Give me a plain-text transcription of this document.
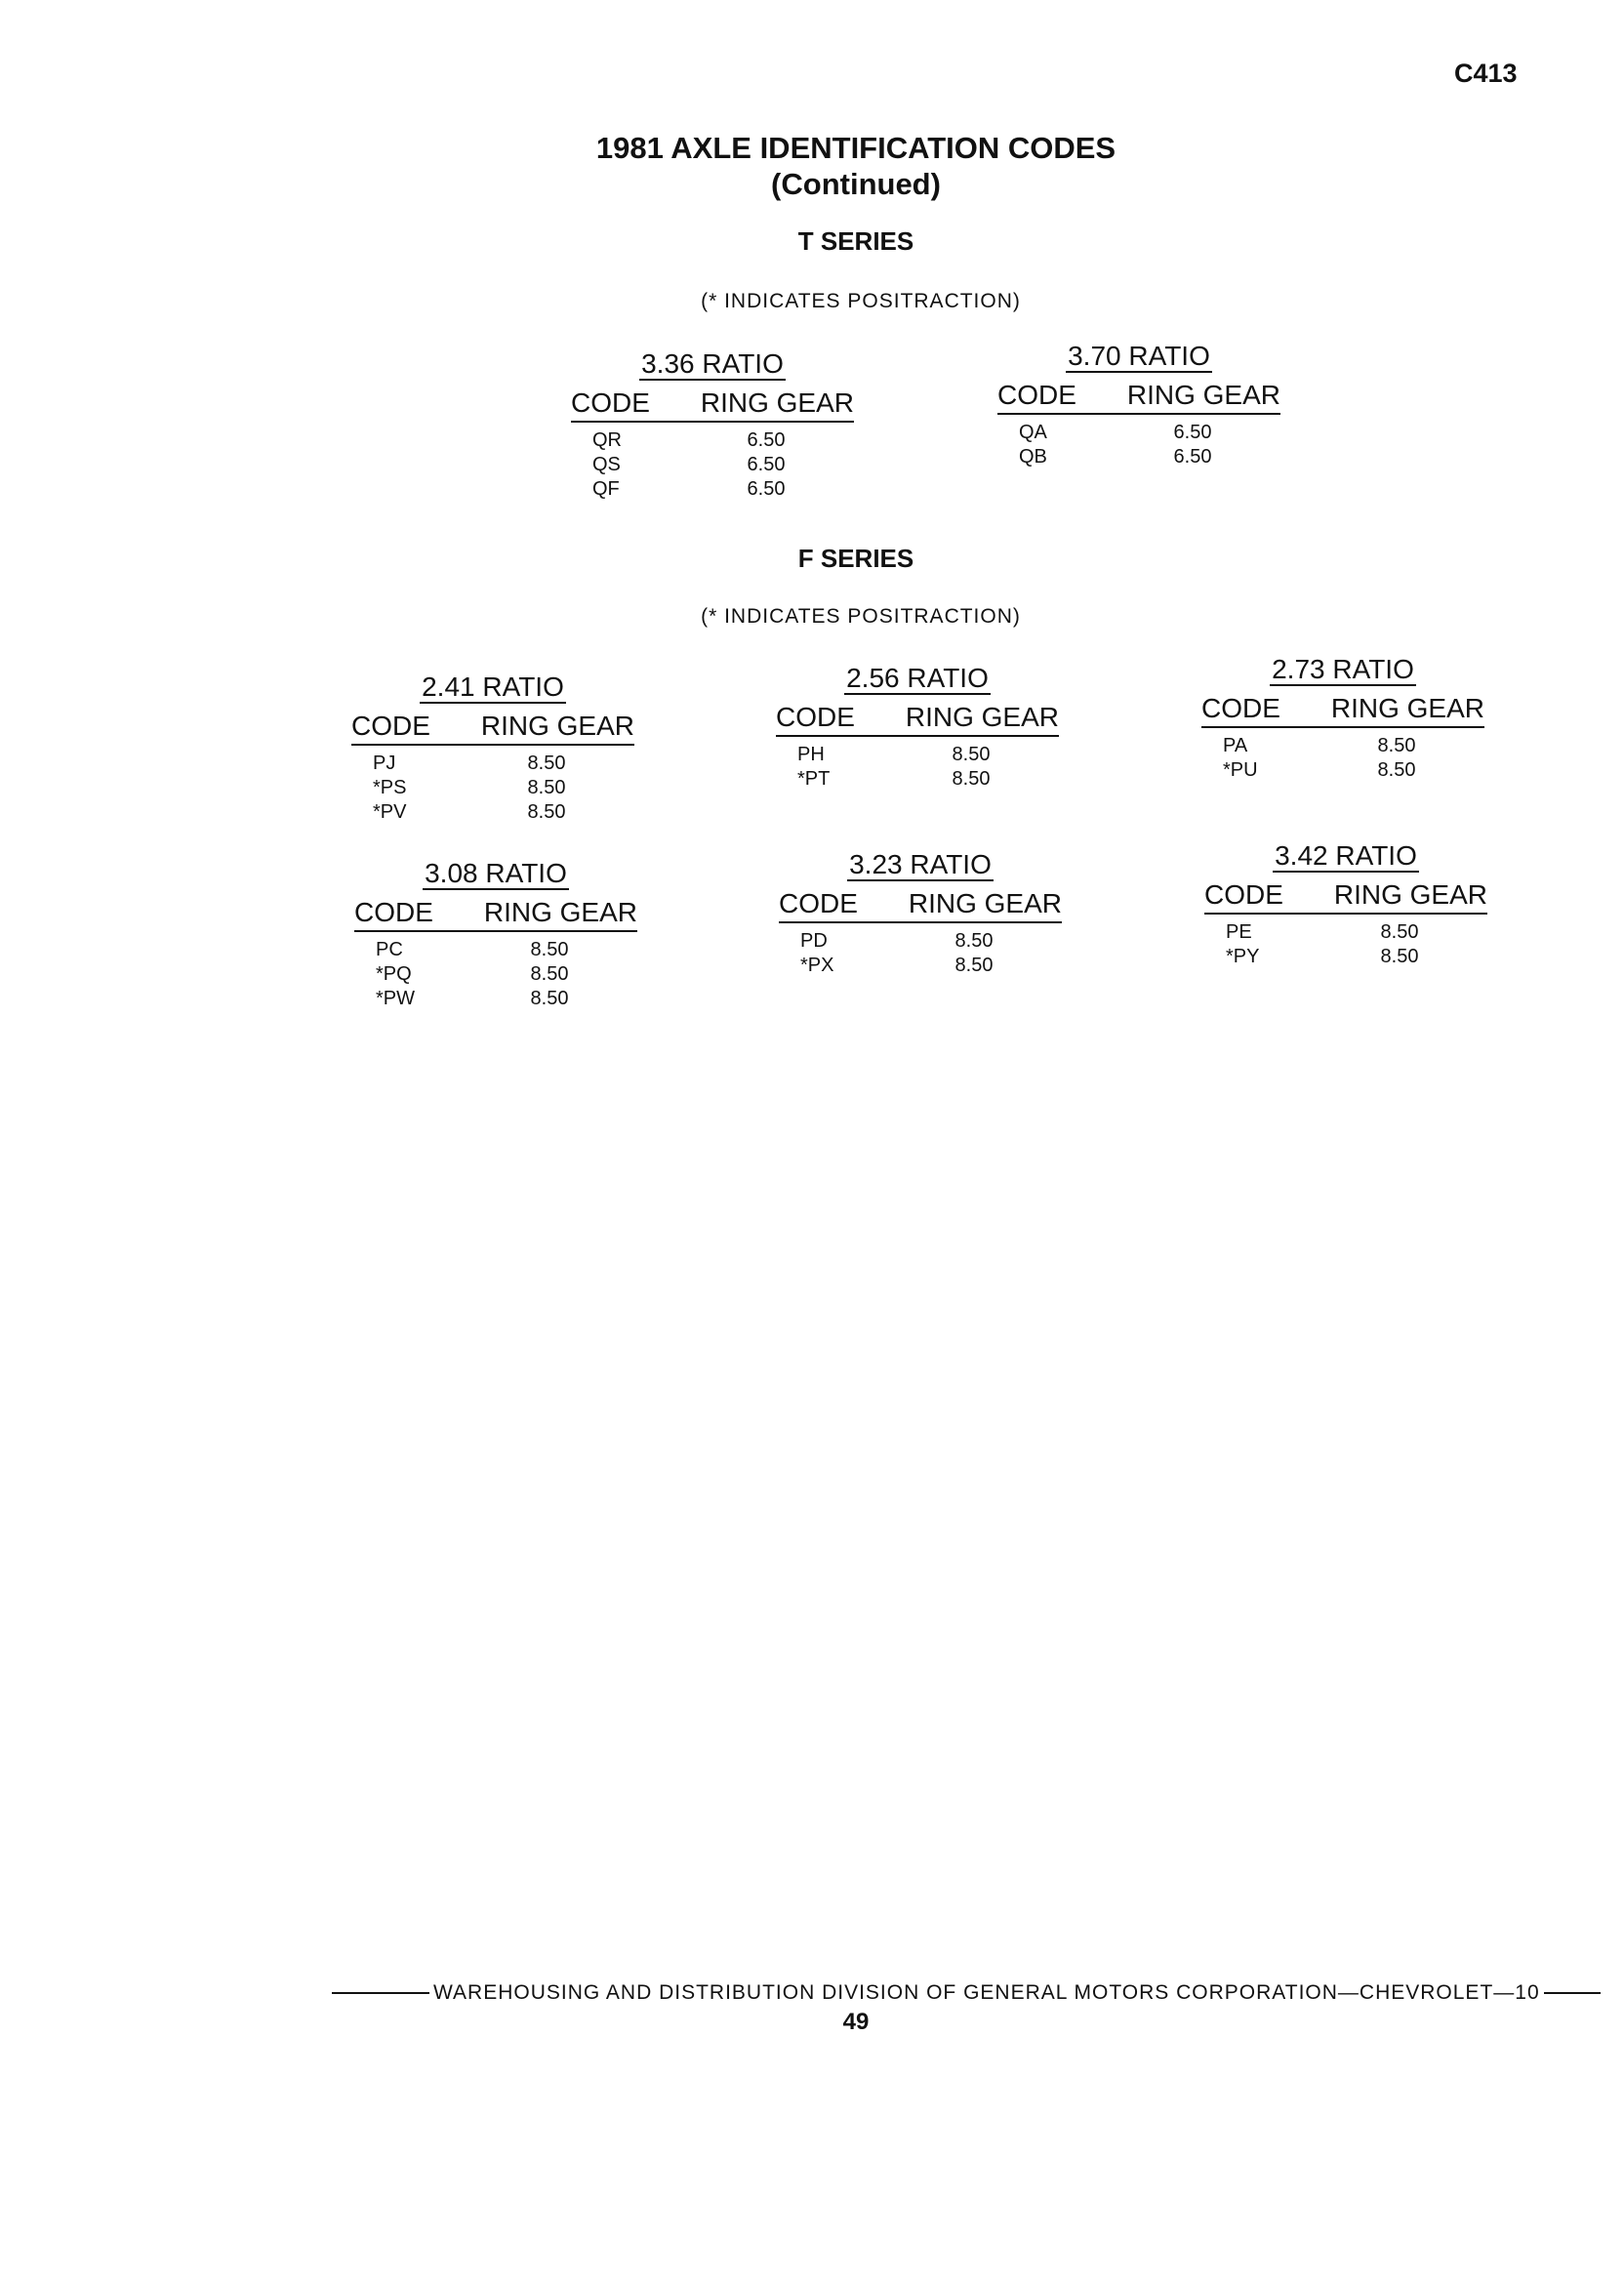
C413
1981 AXLE IDENTIFICATION CODES
(Continued)
T SERIES
(* INDICATES POSITRACTION)
3.36 RATIO
CODE	RING GEAR
QR	6.50
QS	6.50
QF	6.50
3.70 RATIO
CODE	RING GEAR
QA	6.50
QB	6.50
F SERIES
(* INDICATES POSITRACTION)
2.41 RATIO
CODE	RING GEAR
PJ	8.50
*PS	8.50
*PV	8.50
2.56 RATIO
CODE	RING GEAR
PH	8.50
*PT	8.50
2.73 RATIO
CODE	RING GEAR
PA	8.50
*PU	8.50
3.08 RATIO
CODE	RING GEAR
PC	8.50
*PQ	8.50
*PW	8.50
3.23 RATIO
CODE	RING GEAR
PD	8.50
*PX	8.50
3.42 RATIO
CODE	RING GEAR
PE	8.50
*PY	8.50
WAREHOUSING AND DISTRIBUTION DIVISION OF GENERAL MOTORS CORPORATION—CHEVROLET—10
49
